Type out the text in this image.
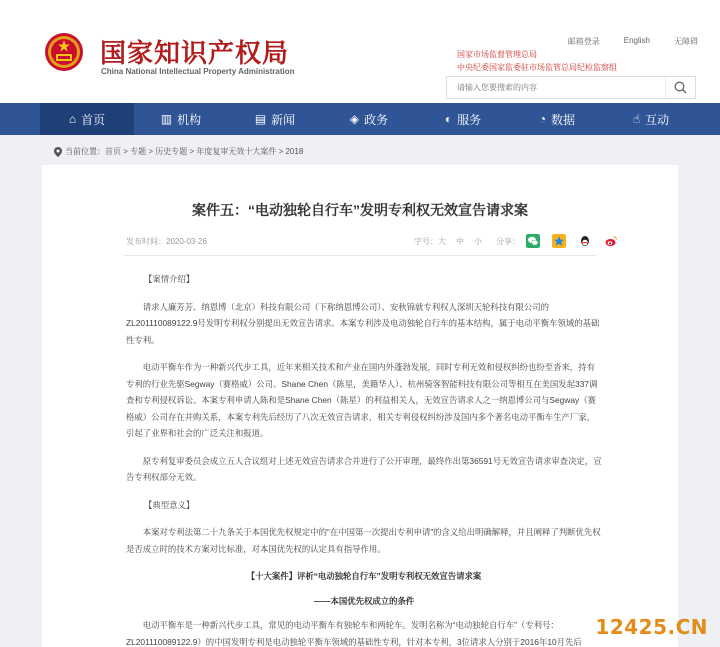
国家知识产权局
China National Intellectual Property Administration
邮箱登录	English	无障碍
国家市场监督管理总局
中央纪委国家监委驻市场监管总局纪检监察组
请输入您要搜索的内容
⌂ 首页	▥ 机构	▤ 新闻	◈ 政务	◐ 服务	◔ 数据	☝ 互动
当前位置：首页 > 专题 > 历史专题 > 年度复审无效十大案件 > 2018
案件五：“电动独轮自行车”发明专利权无效宣告请求案
发布时间：2020-03-26	字号： 大 中 小 分享：

【案情介绍】

请求人廉芳芳、纳恩博（北京）科技有限公司（下称纳恩博公司）、安秋锦就专利权人深圳天轮科技有限公司的ZL201110089122.9号发明专利权分别提出无效宣告请求。本案专利涉及电动独轮自行车的基本结构，属于电动平衡车领域的基础性专利。

电动平衡车作为一种新兴代步工具，近年来相关技术和产业在国内外蓬勃发展，同时专利无效和侵权纠纷也纷至沓来，持有专利的行业先驱Segway（赛格威）公司、Shane Chen（陈星，美籍华人）、杭州骑客智能科技有限公司等相互在美国发起337调查和专利侵权诉讼。本案专利申请人陈和是Shane Chen（陈星）的利益相关人，无效宣告请求人之一纳恩博公司与Segway（赛格威）公司存在并购关系，本案专利先后经历了八次无效宣告请求，相关专利侵权纠纷涉及国内多个著名电动平衡车生产厂家，引起了业界和社会的广泛关注和报道。

原专利复审委员会成立五人合议组对上述无效宣告请求合并进行了公开审理，最终作出第36591号无效宣告请求审查决定，宣告专利权部分无效。

【典型意义】

本案对专利法第二十九条关于本国优先权规定中的“在中国第一次提出专利申请”的含义给出明确解释，并且阐释了判断优先权是否成立时的技术方案对比标准，对本国优先权的认定具有指导作用。

【十大案件】评析“电动独轮自行车”发明专利权无效宣告请求案

——本国优先权成立的条件

电动平衡车是一种新兴代步工具，常见的电动平衡车有独轮车和两轮车。发明名称为“电动独轮自行车”（专利号：ZL201110089122.9）的中国发明专利是电动独轮平衡车领域的基础性专利，针对本专利，3位请求人分别于2016年10月先后

12425.CN
